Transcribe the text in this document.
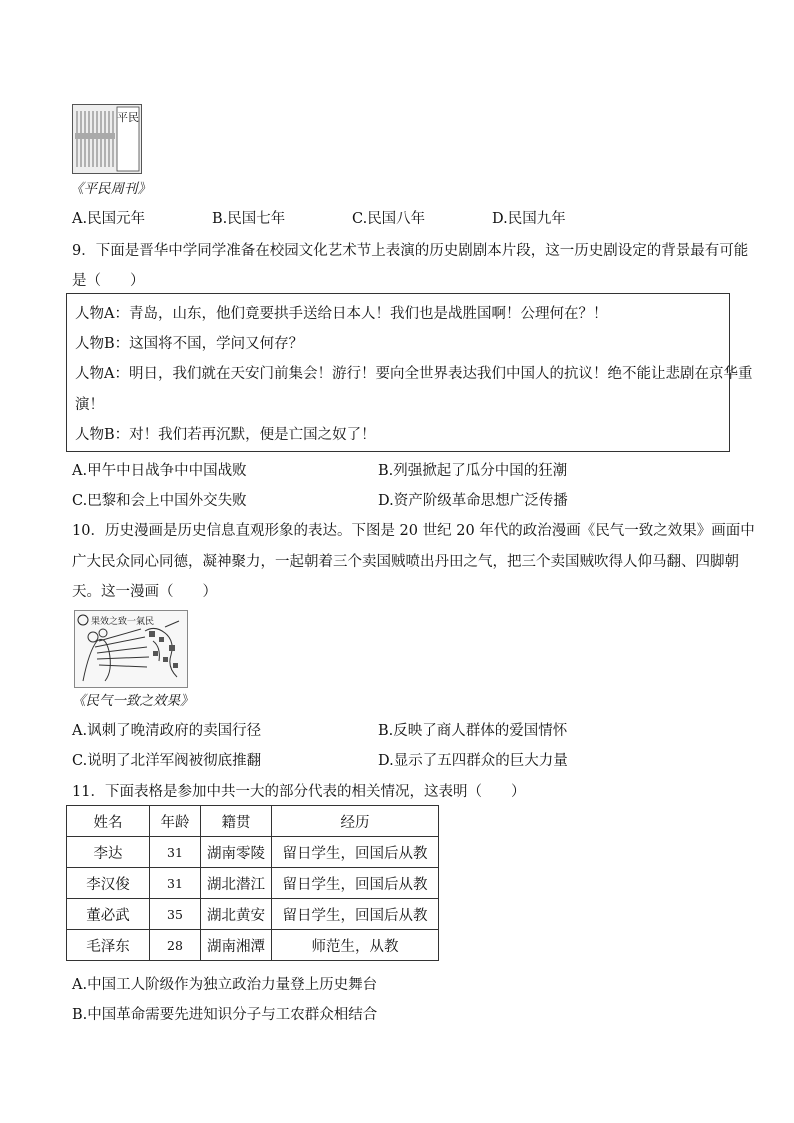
平民
《平民周刊》
A.民国元年	B.民国七年	C.民国八年	D.民国九年
9．下面是晋华中学同学准备在校园文化艺术节上表演的历史剧剧本片段，这一历史剧设定的背景最有可能
是（　　）
人物A：青岛，山东，他们竟要拱手送给日本人！我们也是战胜国啊！公理何在？！
人物B：这国将不国，学问又何存？
人物A：明日，我们就在天安门前集会！游行！要向全世界表达我们中国人的抗议！绝不能让悲剧在京华重
演！
人物B：对！我们若再沉默，便是亡国之奴了！
A.甲午中日战争中中国战败	B.列强掀起了瓜分中国的狂潮
C.巴黎和会上中国外交失败	D.资产阶级革命思想广泛传播
10．历史漫画是历史信息直观形象的表达。下图是 20 世纪 20 年代的政治漫画《民气一致之效果》画面中
广大民众同心同德，凝神聚力，一起朝着三个卖国贼喷出丹田之气，把三个卖国贼吹得人仰马翻、四脚朝
天。这一漫画（　　）
果效之致一氣民
《民气一致之效果》
A.讽刺了晚清政府的卖国行径	B.反映了商人群体的爱国情怀
C.说明了北洋军阀被彻底推翻	D.显示了五四群众的巨大力量
11．下面表格是参加中共一大的部分代表的相关情况，这表明（　　）
姓名	年龄	籍贯	经历
李达	31	湖南零陵	留日学生，回国后从教
李汉俊	31	湖北潜江	留日学生，回国后从教
董必武	35	湖北黄安	留日学生，回国后从教
毛泽东	28	湖南湘潭	师范生，从教
A.中国工人阶级作为独立政治力量登上历史舞台
B.中国革命需要先进知识分子与工农群众相结合
